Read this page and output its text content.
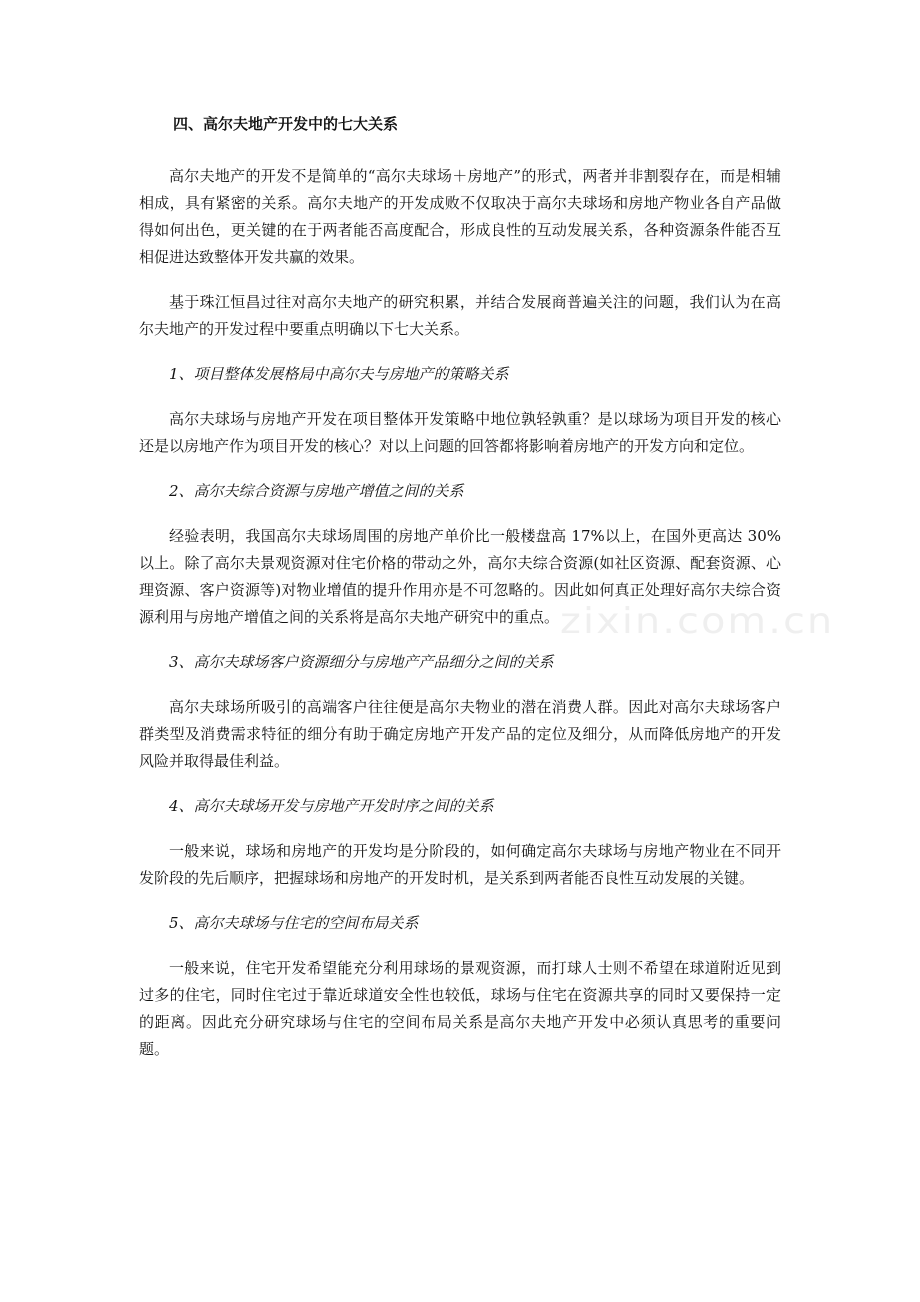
四、高尔夫地产开发中的七大关系

高尔夫地产的开发不是简单的“高尔夫球场＋房地产”的形式，两者并非割裂存在，而是相辅相成，具有紧密的关系。高尔夫地产的开发成败不仅取决于高尔夫球场和房地产物业各自产品做得如何出色，更关键的在于两者能否高度配合，形成良性的互动发展关系，各种资源条件能否互相促进达致整体开发共赢的效果。

基于珠江恒昌过往对高尔夫地产的研究积累，并结合发展商普遍关注的问题，我们认为在高尔夫地产的开发过程中要重点明确以下七大关系。

1、项目整体发展格局中高尔夫与房地产的策略关系

高尔夫球场与房地产开发在项目整体开发策略中地位孰轻孰重？是以球场为项目开发的核心还是以房地产作为项目开发的核心？对以上问题的回答都将影响着房地产的开发方向和定位。

2、高尔夫综合资源与房地产增值之间的关系

经验表明，我国高尔夫球场周围的房地产单价比一般楼盘高 17%以上，在国外更高达 30%以上。除了高尔夫景观资源对住宅价格的带动之外，高尔夫综合资源(如社区资源、配套资源、心理资源、客户资源等)对物业增值的提升作用亦是不可忽略的。因此如何真正处理好高尔夫综合资源利用与房地产增值之间的关系将是高尔夫地产研究中的重点。

3、高尔夫球场客户资源细分与房地产产品细分之间的关系

高尔夫球场所吸引的高端客户往往便是高尔夫物业的潜在消费人群。因此对高尔夫球场客户群类型及消费需求特征的细分有助于确定房地产开发产品的定位及细分，从而降低房地产的开发风险并取得最佳利益。

4、高尔夫球场开发与房地产开发时序之间的关系

一般来说，球场和房地产的开发均是分阶段的，如何确定高尔夫球场与房地产物业在不同开发阶段的先后顺序，把握球场和房地产的开发时机，是关系到两者能否良性互动发展的关键。

5、高尔夫球场与住宅的空间布局关系

一般来说，住宅开发希望能充分利用球场的景观资源，而打球人士则不希望在球道附近见到过多的住宅，同时住宅过于靠近球道安全性也较低，球场与住宅在资源共享的同时又要保持一定的距离。因此充分研究球场与住宅的空间布局关系是高尔夫地产开发中必须认真思考的重要问题。

zixin.com.cn
